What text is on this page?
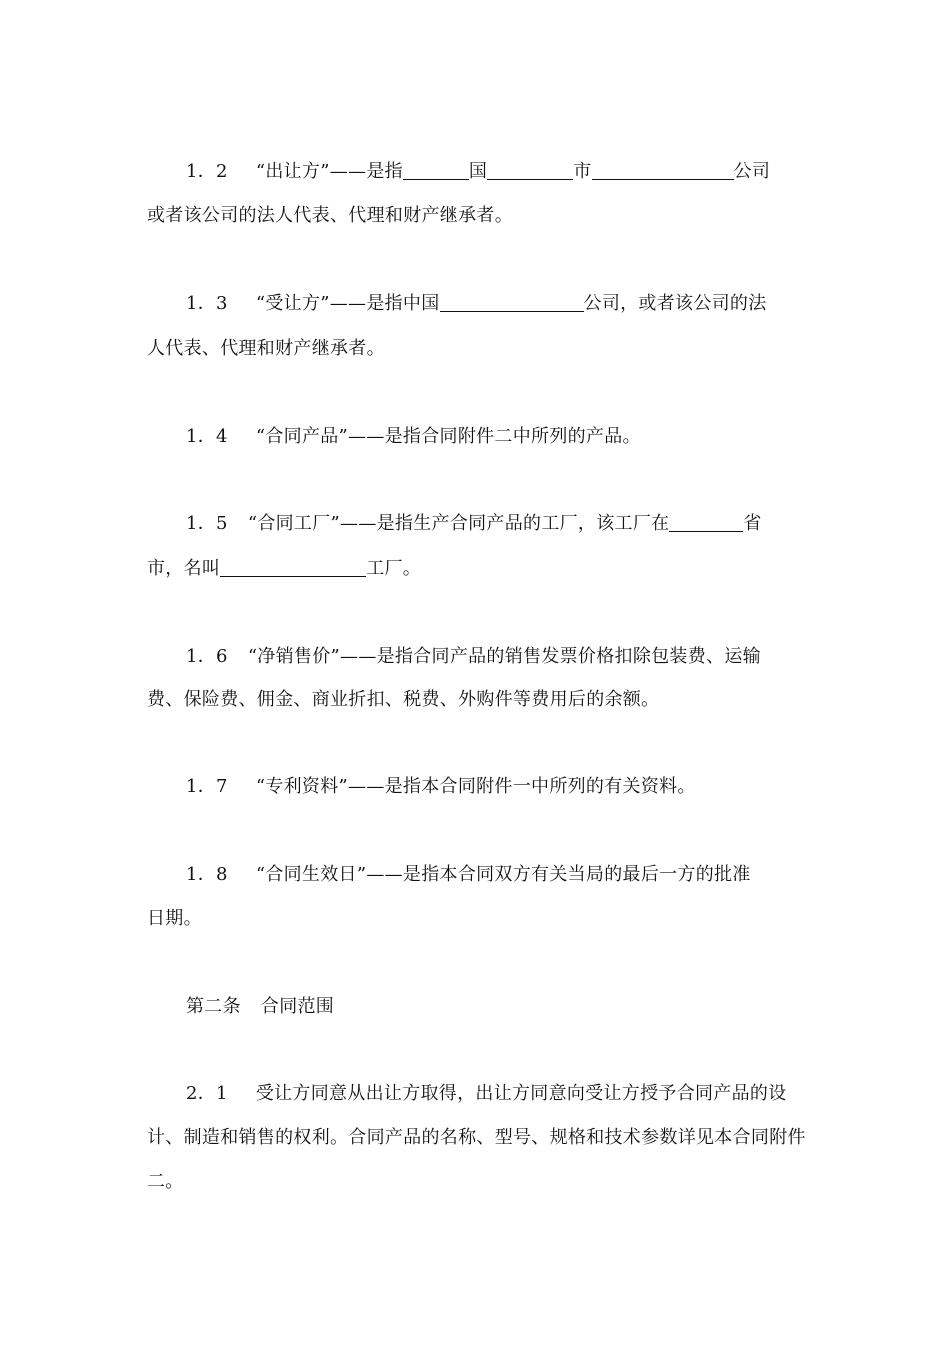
1．2 “出让方”——是指	国	市	公司
或者该公司的法人代表、代理和财产继承者。
1．3 “受让方”——是指中国	公司，或者该公司的法
人代表、代理和财产继承者。
1．4 “合同产品”——是指合同附件二中所列的产品。
1．5 “合同工厂”——是指生产合同产品的工厂，该工厂在	省
市，名叫	工厂。
1．6 “净销售价”——是指合同产品的销售发票价格扣除包装费、运输
费、保险费、佣金、商业折扣、税费、外购件等费用后的余额。
1．7 “专利资料”——是指本合同附件一中所列的有关资料。
1．8 “合同生效日”——是指本合同双方有关当局的最后一方的批准
日期。
第二条 合同范围
2．1 受让方同意从出让方取得，出让方同意向受让方授予合同产品的设
计、制造和销售的权利。合同产品的名称、型号、规格和技术参数详见本合同附件
二。
